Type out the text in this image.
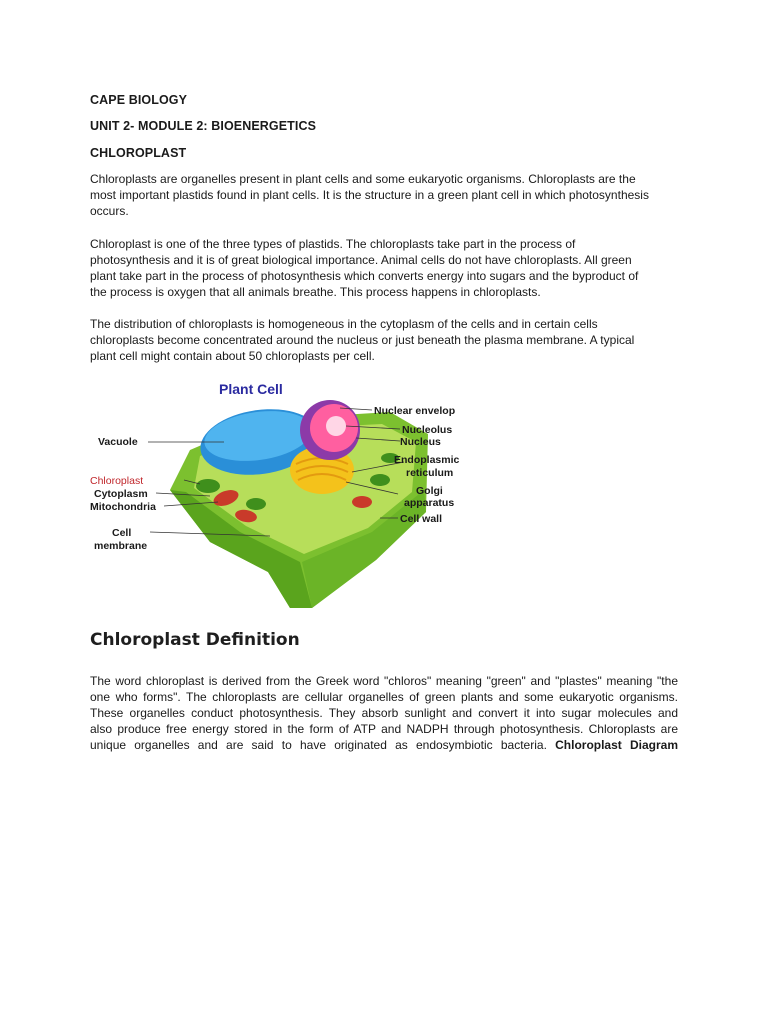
CAPE BIOLOGY
UNIT 2- MODULE 2: BIOENERGETICS
CHLOROPLAST

Chloroplasts are organelles present in plant cells and some eukaryotic organisms. Chloroplasts are the

most important plastids found in plant cells. It is the structure in a green plant cell in which photosynthesis

occurs.

Chloroplast is one of the three types of plastids. The chloroplasts take part in the process of

photosynthesis and it is of great biological importance. Animal cells do not have chloroplasts. All green

plant take part in the process of photosynthesis which converts energy into sugars and the byproduct of

the process is oxygen that all animals breathe. This process happens in chloroplasts.

The distribution of chloroplasts is homogeneous in the cytoplasm of the cells and in certain cells

chloroplasts become concentrated around the nucleus or just beneath the plasma membrane. A typical

plant cell might contain about 50 chloroplasts per cell.

Plant Cell
Vacuole
Chloroplast
Cytoplasm
Mitochondria
Cell
membrane
Nuclear envelop
Nucleolus
Nucleus
Endoplasmic
reticulum
Golgi
apparatus
Cell wall
Chloroplast Definition

The word chloroplast is derived from the Greek word "chloros" meaning "green" and "plastes" meaning "the

one who forms". The chloroplasts are cellular organelles of green plants and some eukaryotic organisms.

These organelles conduct photosynthesis. They absorb sunlight and convert it into sugar molecules and

also produce free energy stored in the form of ATP and NADPH through photosynthesis. Chloroplasts are

unique organelles and are said to have originated as endosymbiotic bacteria. Chloroplast Diagram
